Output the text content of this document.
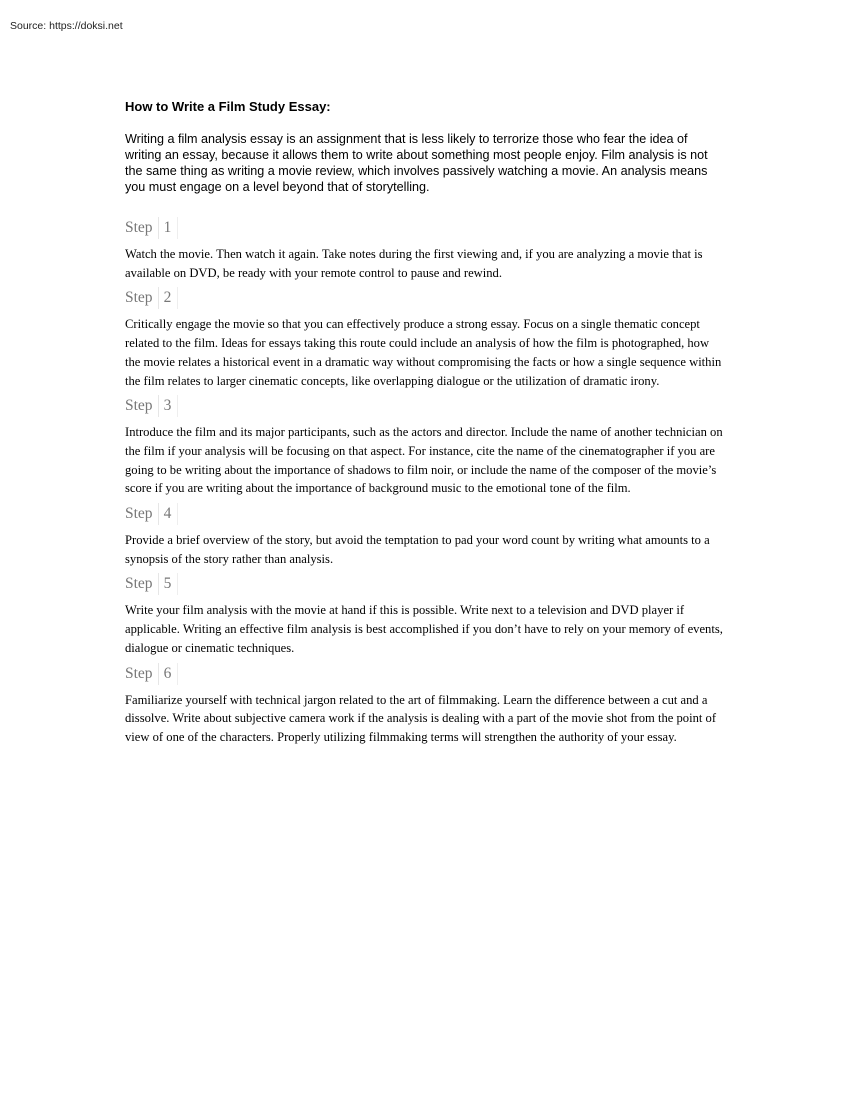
Source: https://doksi.net
How to Write a Film Study Essay:

Writing a film analysis essay is an assignment that is less likely to terrorize those who fear the idea of writing an essay, because it allows them to write about something most people enjoy. Film analysis is not the same thing as writing a movie review, which involves passively watching a movie. An analysis means you must engage on a level beyond that of storytelling.

Step 1

Watch the movie. Then watch it again. Take notes during the first viewing and, if you are analyzing a movie that is available on DVD, be ready with your remote control to pause and rewind.

Step 2

Critically engage the movie so that you can effectively produce a strong essay. Focus on a single thematic concept related to the film. Ideas for essays taking this route could include an analysis of how the film is photographed, how the movie relates a historical event in a dramatic way without compromising the facts or how a single sequence within the film relates to larger cinematic concepts, like overlapping dialogue or the utilization of dramatic irony.

Step 3

Introduce the film and its major participants, such as the actors and director. Include the name of another technician on the film if your analysis will be focusing on that aspect. For instance, cite the name of the cinematographer if you are going to be writing about the importance of shadows to film noir, or include the name of the composer of the movie’s score if you are writing about the importance of background music to the emotional tone of the film.

Step 4

Provide a brief overview of the story, but avoid the temptation to pad your word count by writing what amounts to a synopsis of the story rather than analysis.

Step 5

Write your film analysis with the movie at hand if this is possible. Write next to a television and DVD player if applicable. Writing an effective film analysis is best accomplished if you don’t have to rely on your memory of events, dialogue or cinematic techniques.

Step 6

Familiarize yourself with technical jargon related to the art of filmmaking. Learn the difference between a cut and a dissolve. Write about subjective camera work if the analysis is dealing with a part of the movie shot from the point of view of one of the characters. Properly utilizing filmmaking terms will strengthen the authority of your essay.
